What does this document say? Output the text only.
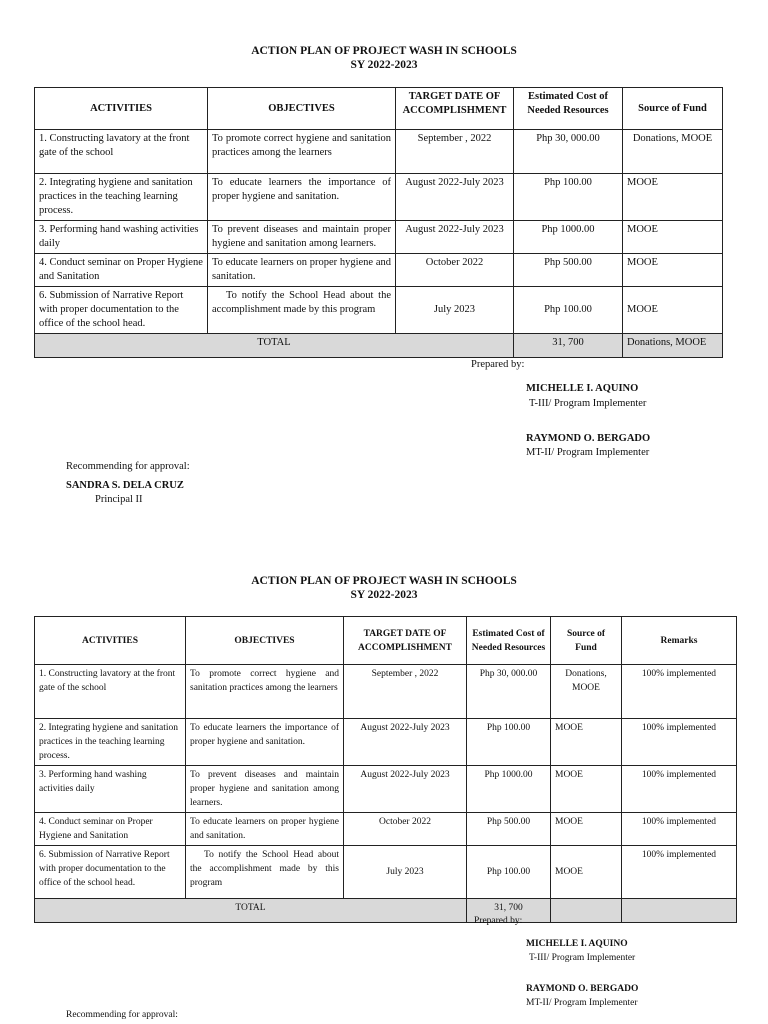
ACTION PLAN OF PROJECT WASH IN SCHOOLS
SY 2022-2023
ACTIVITIES	OBJECTIVES	TARGET DATE OF ACCOMPLISHMENT	Estimated Cost of Needed Resources	Source of Fund
1. Constructing lavatory at the front gate of the school	To promote correct hygiene and sanitation practices among the learners	September , 2022	Php 30, 000.00	Donations, MOOE
2. Integrating hygiene and sanitation practices in the teaching learning process.	To educate learners the importance of proper hygiene and sanitation.	August 2022-July 2023	Php 100.00	MOOE
3. Performing hand washing activities daily	To prevent diseases and maintain proper hygiene and sanitation among learners.	August 2022-July 2023	Php 1000.00	MOOE
4. Conduct seminar on Proper Hygiene and Sanitation	To educate learners on proper hygiene and sanitation.	October 2022	Php 500.00	MOOE
6. Submission of Narrative Report with proper documentation to the office of the school head.	To notify the School Head about the accomplishment made by this program	July 2023	Php 100.00	MOOE
TOTAL			31, 700	Donations, MOOE
Prepared by:
MICHELLE I. AQUINO
T-III/ Program Implementer
RAYMOND O. BERGADO
MT-II/ Program Implementer
Recommending for approval:
SANDRA S. DELA CRUZ
Principal II
ACTION PLAN OF PROJECT WASH IN SCHOOLS
SY 2022-2023
ACTIVITIES	OBJECTIVES	TARGET DATE OF ACCOMPLISHMENT	Estimated Cost of Needed Resources	Source of Fund	Remarks
1. Constructing lavatory at the front gate of the school	To promote correct hygiene and sanitation practices among the learners	September , 2022	Php 30, 000.00	Donations, MOOE	100% implemented
2. Integrating hygiene and sanitation practices in the teaching learning process.	To educate learners the importance of proper hygiene and sanitation.	August 2022-July 2023	Php 100.00	MOOE	100% implemented
3. Performing hand washing activities daily	To prevent diseases and maintain proper hygiene and sanitation among learners.	August 2022-July 2023	Php 1000.00	MOOE	100% implemented
4. Conduct seminar on Proper Hygiene and Sanitation	To educate learners on proper hygiene and sanitation.	October 2022	Php 500.00	MOOE	100% implemented
6. Submission of Narrative Report with proper documentation to the office of the school head.	To notify the School Head about the accomplishment made by this program	July 2023	Php 100.00	MOOE	100% implemented
TOTAL			31, 700		
Prepared by:
MICHELLE I. AQUINO
T-III/ Program Implementer
RAYMOND O. BERGADO
MT-II/ Program Implementer
Recommending for approval:
